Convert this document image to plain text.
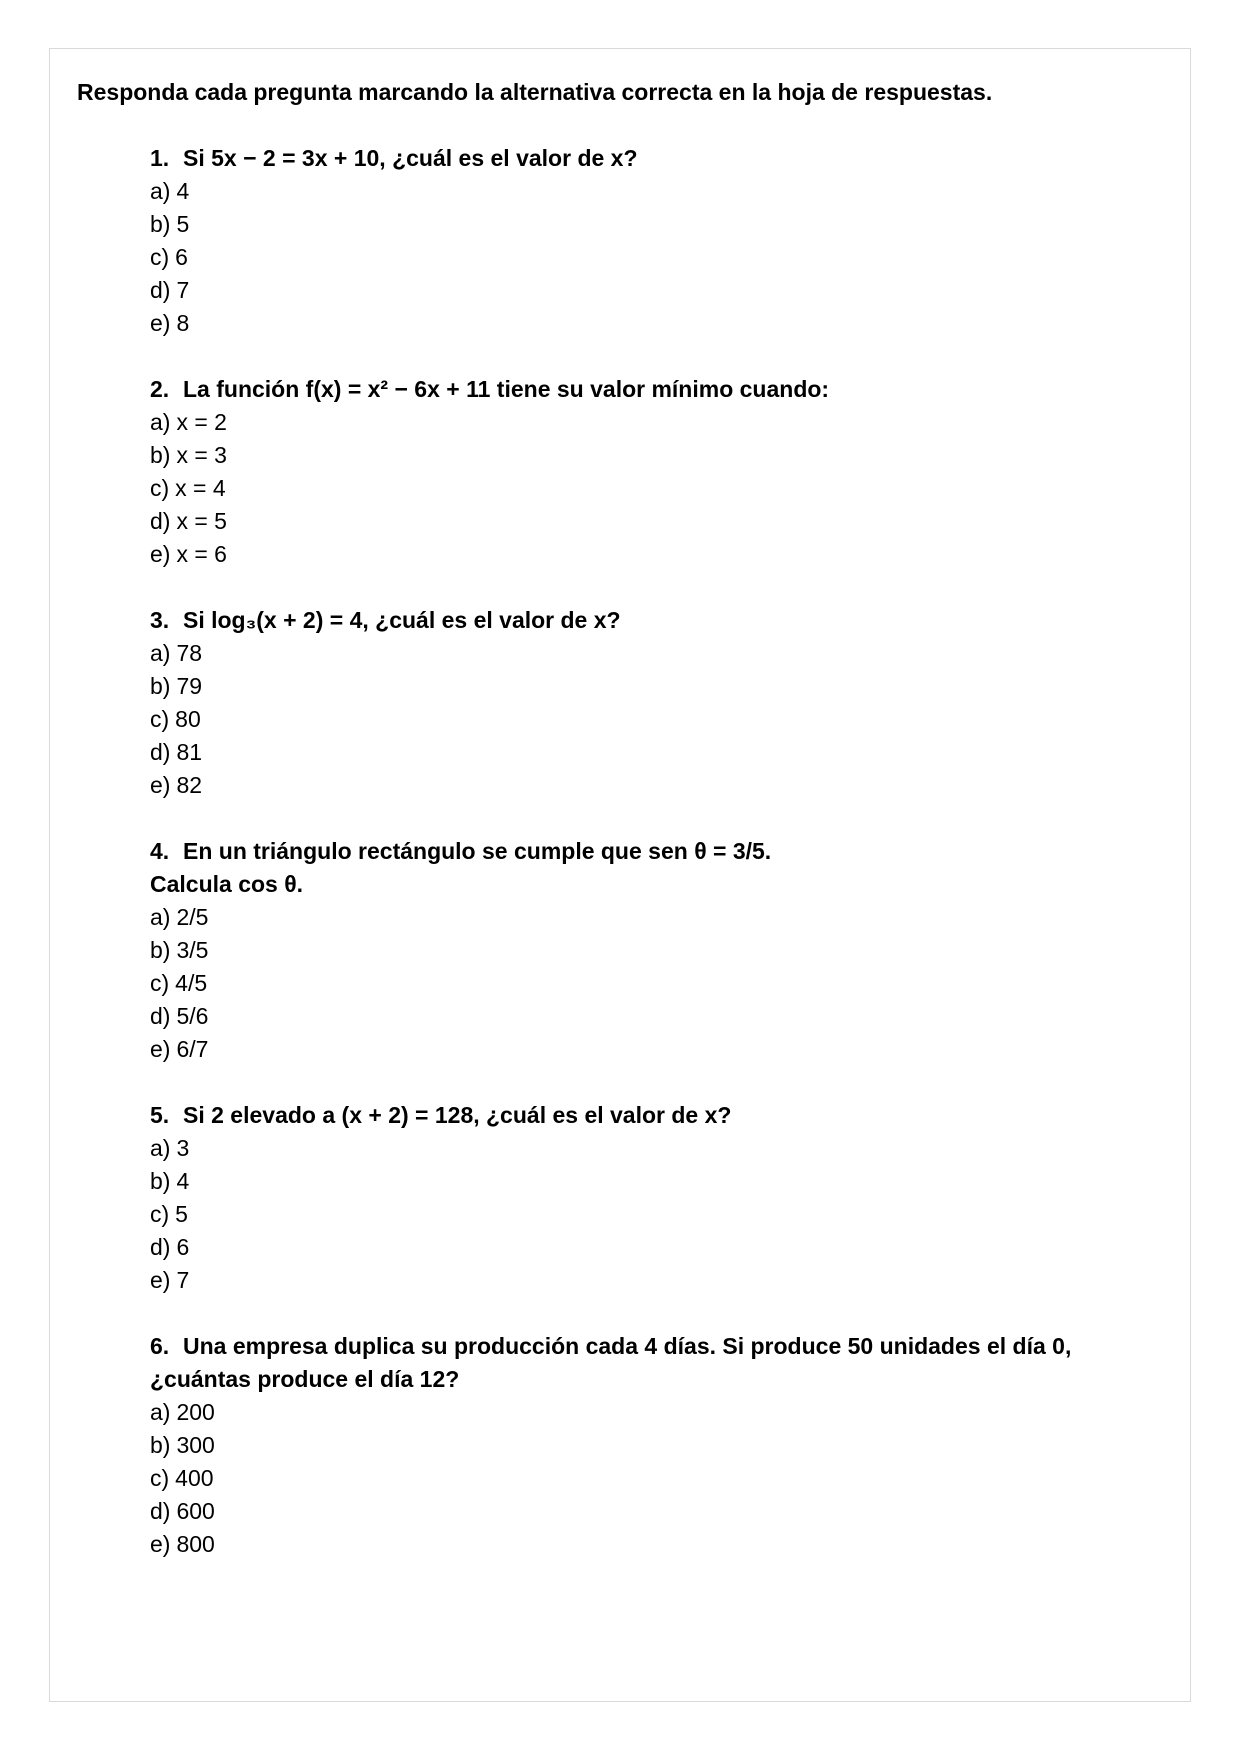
Responda cada pregunta marcando la alternativa correcta en la hoja de respuestas.
1. Si 5x − 2 = 3x + 10, ¿cuál es el valor de x?
a) 4
b) 5
c) 6
d) 7
e) 8
2. La función f(x) = x² − 6x + 11 tiene su valor mínimo cuando:
a) x = 2
b) x = 3
c) x = 4
d) x = 5
e) x = 6
3. Si log₃(x + 2) = 4, ¿cuál es el valor de x?
a) 78
b) 79
c) 80
d) 81
e) 82
4. En un triángulo rectángulo se cumple que sen θ = 3/5.
Calcula cos θ.
a) 2/5
b) 3/5
c) 4/5
d) 5/6
e) 6/7
5. Si 2 elevado a (x + 2) = 128, ¿cuál es el valor de x?
a) 3
b) 4
c) 5
d) 6
e) 7
6. Una empresa duplica su producción cada 4 días. Si produce 50 unidades el día 0,
¿cuántas produce el día 12?
a) 200
b) 300
c) 400
d) 600
e) 800
